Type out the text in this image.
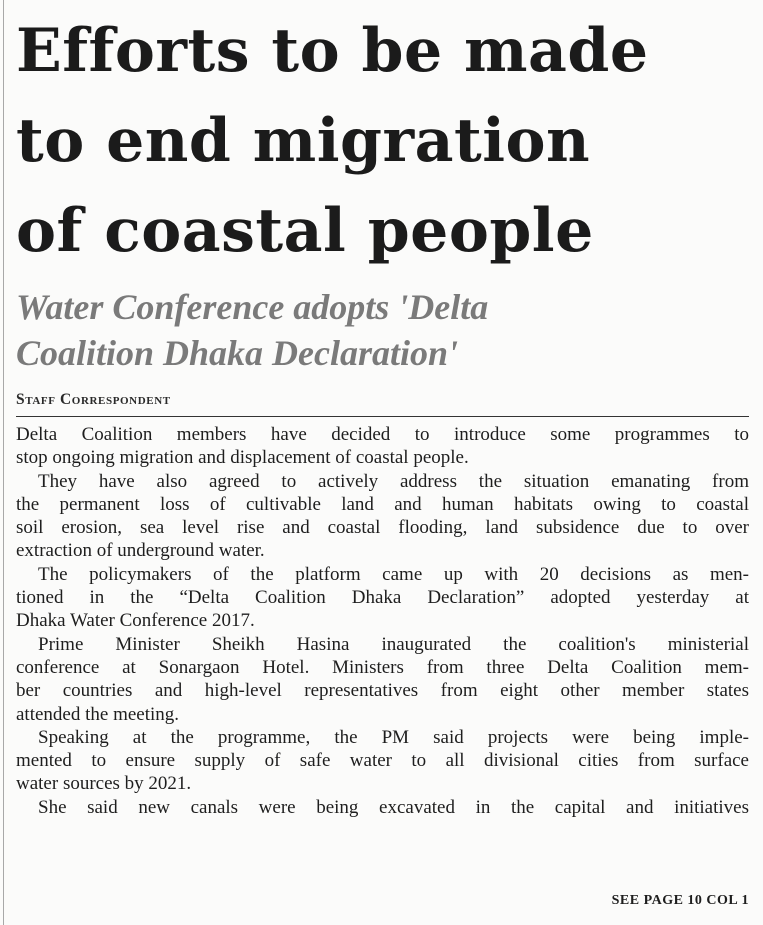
Efforts to be made
to end migration
of coastal people
Water Conference adopts 'Delta
Coalition Dhaka Declaration'
Staff Correspondent

Delta Coalition members have decided to introduce some programmes to
stop ongoing migration and displacement of coastal people.

They have also agreed to actively address the situation emanating from
the permanent loss of cultivable land and human habitats owing to coastal
soil erosion, sea level rise and coastal flooding, land subsidence due to over
extraction of underground water.

The policymakers of the platform came up with 20 decisions as men-
tioned in the “Delta Coalition Dhaka Declaration” adopted yesterday at
Dhaka Water Conference 2017.

Prime Minister Sheikh Hasina inaugurated the coalition's ministerial
conference at Sonargaon Hotel. Ministers from three Delta Coalition mem-
ber countries and high-level representatives from eight other member states
attended the meeting.

Speaking at the programme, the PM said projects were being imple-
mented to ensure supply of safe water to all divisional cities from surface
water sources by 2021.

She said new canals were being excavated in the capital and initiatives

SEE PAGE 10 COL 1
